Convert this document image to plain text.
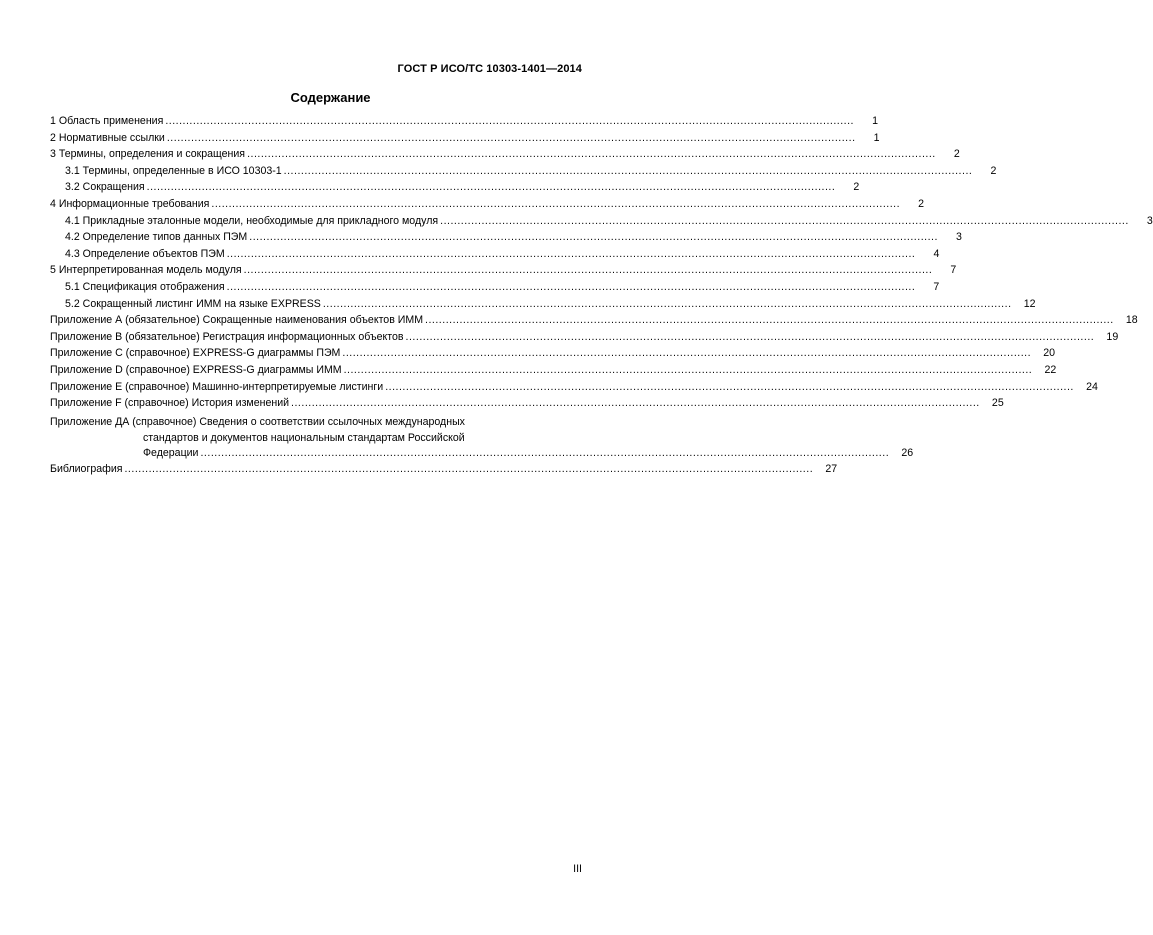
ГОСТ Р ИСО/ТС 10303-1401—2014
Содержание
1 Область применения ........................................................................................................................................................................................................	1
2 Нормативные ссылки ........................................................................................................................................................................................................	1
3 Термины, определения и сокращения ........................................................................................................................................................................................................	2
3.1 Термины, определенные в ИСО 10303-1 ........................................................................................................................................................................................................	2
3.2 Сокращения ........................................................................................................................................................................................................	2
4 Информационные требования ........................................................................................................................................................................................................	2
4.1 Прикладные эталонные модели, необходимые для прикладного модуля ........................................................................................................................................................................................................	3
4.2 Определение типов данных ПЭМ ........................................................................................................................................................................................................	3
4.3 Определение объектов ПЭМ ........................................................................................................................................................................................................	4
5 Интерпретированная модель модуля ........................................................................................................................................................................................................	7
5.1 Спецификация отображения ........................................................................................................................................................................................................	7
5.2 Сокращенный листинг ИММ на языке EXPRESS ........................................................................................................................................................................................................	12
Приложение А (обязательное) Сокращенные наименования объектов ИММ ........................................................................................................................................................................................................	18
Приложение В (обязательное) Регистрация информационных объектов ........................................................................................................................................................................................................	19
Приложение С (справочное) EXPRESS-G диаграммы ПЭМ ........................................................................................................................................................................................................	20
Приложение D (справочное) EXPRESS-G диаграммы ИММ ........................................................................................................................................................................................................	22
Приложение Е (справочное) Машинно-интерпретируемые листинги ........................................................................................................................................................................................................	24
Приложение F (справочное) История изменений ........................................................................................................................................................................................................	25
Приложение ДА (справочное) Сведения о соответствии ссылочных международных
стандартов и документов национальным стандартам Российской
Федерации ........................................................................................................................................................................................................	26
Библиография ........................................................................................................................................................................................................	27
III
